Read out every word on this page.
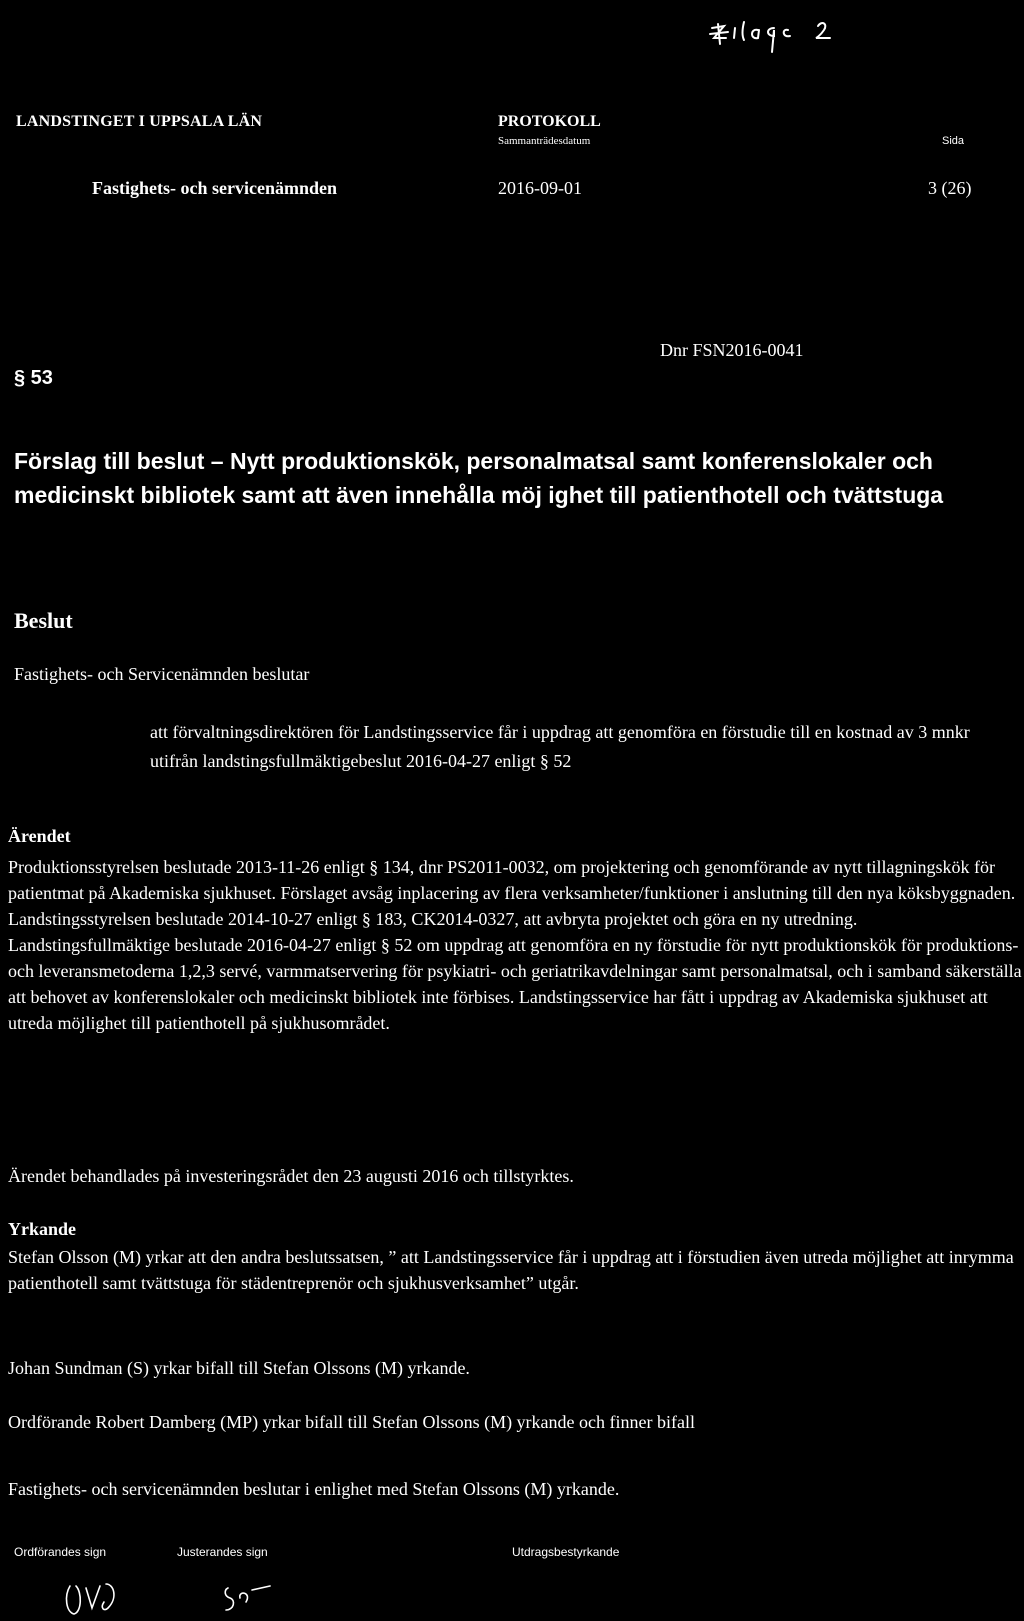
LANDSTINGET I UPPSALA LÄN	PROTOKOLL

Sammanträdesdatum	Sida

Fastighets- och servicenämnden	2016-09-01	3 (26)

§ 53

Dnr FSN2016-0041

Förslag till beslut – Nytt produktionskök, personalmatsal samt konferenslokaler och medicinskt bibliotek samt att även innehålla möj ighet till patienthotell och tvättstuga

Beslut

Fastighets- och Servicenämnden beslutar

att förvaltningsdirektören för Landstingsservice får i uppdrag att genomföra en förstudie till en kostnad av 3 mnkr utifrån landstingsfullmäktigebeslut 2016-04-27 enligt § 52

Ärendet

Produktionsstyrelsen beslutade 2013-11-26 enligt § 134, dnr PS2011-0032, om projektering och genomförande av nytt tillagningskök för patientmat på Akademiska sjukhuset. Förslaget avsåg inplacering av flera verksamheter/funktioner i anslutning till den nya köksbyggnaden. Landstingsstyrelsen beslutade 2014-10-27 enligt § 183, CK2014-0327, att avbryta projektet och göra en ny utredning. Landstingsfullmäktige beslutade 2016-04-27 enligt § 52 om uppdrag att genomföra en ny förstudie för nytt produktionskök för produktions- och leveransmetoderna 1,2,3 servé, varmmatservering för psykiatri- och geriatrikavdelningar samt personalmatsal, och i samband säkerställa att behovet av konferenslokaler och medicinskt bibliotek inte förbises. Landstingsservice har fått i uppdrag av Akademiska sjukhuset att utreda möjlighet till patienthotell på sjukhusområdet.

Ärendet behandlades på investeringsrådet den 23 augusti 2016 och tillstyrktes.

Yrkande

Stefan Olsson (M) yrkar att den andra beslutssatsen, ” att Landstingsservice får i uppdrag att i förstudien även utreda möjlighet att inrymma patienthotell samt tvättstuga för städentreprenör och sjukhusverksamhet” utgår.

Johan Sundman (S) yrkar bifall till Stefan Olssons (M) yrkande.

Ordförande Robert Damberg (MP) yrkar bifall till Stefan Olssons (M) yrkande och finner bifall

Fastighets- och servicenämnden beslutar i enlighet med Stefan Olssons (M) yrkande.

Ordförandes sign	Justerandes sign	Utdragsbestyrkande
